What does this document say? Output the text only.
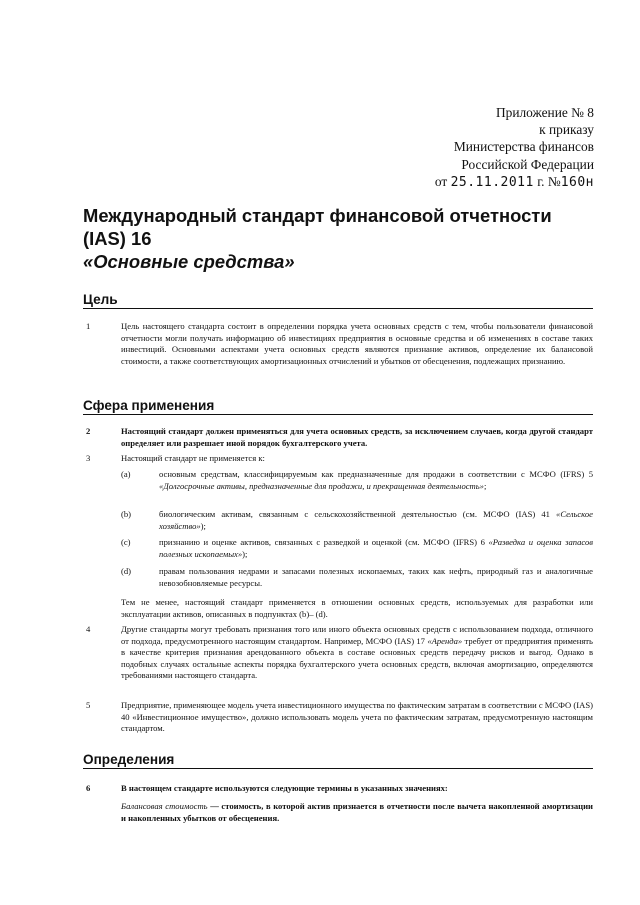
Приложение № 8
к приказу
Министерства финансов
Российской Федерации
от 25.11.2011 г. №160н
Международный стандарт финансовой отчетности
(IAS) 16
«Основные средства»
Цель
1	Цель настоящего стандарта состоит в определении порядка учета основных средств с тем, чтобы пользователи финансовой отчетности могли получать информацию об инвестициях предприятия в основные средства и об изменениях в составе таких инвестиций. Основными аспектами учета основных средств являются признание активов, определение их балансовой стоимости, а также соответствующих амортизационных отчислений и убытков от обесценения, подлежащих признанию.
Сфера применения
2	Настоящий стандарт должен применяться для учета основных средств, за исключением случаев, когда другой стандарт определяет или разрешает иной порядок бухгалтерского учета.
3	Настоящий стандарт не применяется к:
(а)	основным средствам, классифицируемым как предназначенные для продажи в соответствии с МСФО (IFRS) 5 «Долгосрочные активы, предназначенные для продажи, и прекращенная деятельность»;
(b)	биологическим активам, связанным с сельскохозяйственной деятельностью (см. МСФО (IAS) 41 «Сельское хозяйство»);
(c)	признанию и оценке активов, связанных с разведкой и оценкой (см. МСФО (IFRS) 6 «Разведка и оценка запасов полезных ископаемых»);
(d)	правам пользования недрами и запасами полезных ископаемых, таких как нефть, природный газ и аналогичные невозобновляемые ресурсы.
Тем не менее, настоящий стандарт применяется в отношении основных средств, используемых для разработки или эксплуатации активов, описанных в подпунктах (b)– (d).
4	Другие стандарты могут требовать признания того или иного объекта основных средств с использованием подхода, отличного от подхода, предусмотренного настоящим стандартом. Например, МСФО (IAS) 17 «Аренда» требует от предприятия применять в качестве критерия признания арендованного объекта в составе основных средств передачу рисков и выгод. Однако в подобных случаях остальные аспекты порядка бухгалтерского учета основных средств, включая амортизацию, определяются требованиями настоящего стандарта.
5	Предприятие, применяющее модель учета инвестиционного имущества по фактическим затратам в соответствии с МСФО (IAS) 40 «Инвестиционное имущество», должно использовать модель учета по фактическим затратам, предусмотренную настоящим стандартом.
Определения
6	В настоящем стандарте используются следующие термины в указанных значениях:
Балансовая стоимость — стоимость, в которой актив признается в отчетности после вычета накопленной амортизации и накопленных убытков от обесценения.
